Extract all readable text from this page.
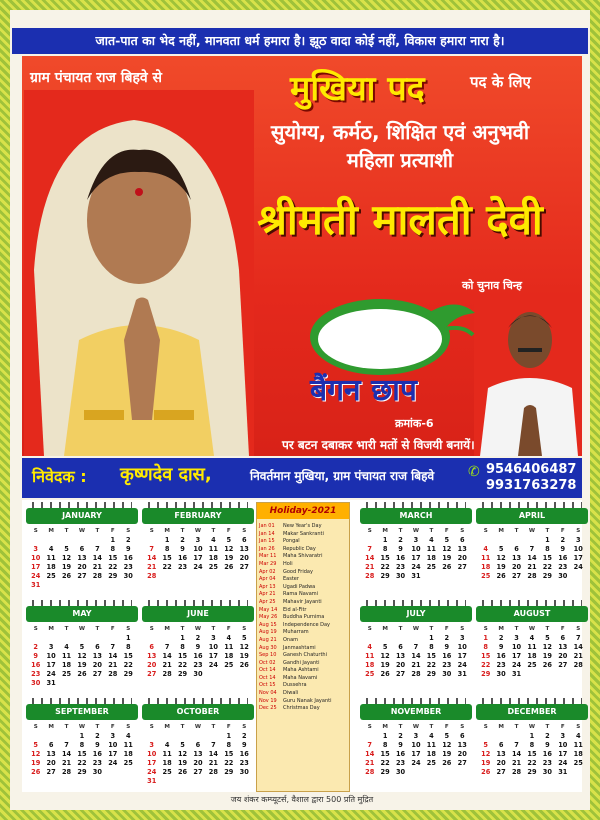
जात-पात का भेद नहीं, मानवता धर्म हमारा है। झूठ वादा कोई नहीं, विकास हमारा नारा है।
ग्राम पंचायत राज बिहवे से	मुखिया पद	पद के लिए
सुयोग्य, कर्मठ, शिक्षित एवं अनुभवी
महिला प्रत्याशी
श्रीमती मालती देवी
को चुनाव चिन्ह
बैंगन छाप
क्रमांक-6
पर बटन दबाकर भारी मतों से विजयी बनायें।
निवेदक : कृष्णदेव दास,	निवर्तमान मुखिया, ग्राम पंचायत राज बिहवे ✆ 9546406487
9931763278
JANUARY
S	M	T	W	T	F	S
					1	2
3	4	5	6	7	8	9
10	11	12	13	14	15	16
17	18	19	20	21	22	23
24	25	26	27	28	29	30
31						
FEBRUARY
S	M	T	W	T	F	S
	1	2	3	4	5	6
7	8	9	10	11	12	13
14	15	16	17	18	19	20
21	22	23	24	25	26	27
28						
MARCH
S	M	T	W	T	F	S
	1	2	3	4	5	6
7	8	9	10	11	12	13
14	15	16	17	18	19	20
21	22	23	24	25	26	27
28	29	30	31			
APRIL
S	M	T	W	T	F	S
				1	2	3
4	5	6	7	8	9	10
11	12	13	14	15	16	17
18	19	20	21	22	23	24
25	26	27	28	29	30	
MAY
S	M	T	W	T	F	S
						1
2	3	4	5	6	7	8
9	10	11	12	13	14	15
16	17	18	19	20	21	22
23	24	25	26	27	28	29
30	31					
JUNE
S	M	T	W	T	F	S
		1	2	3	4	5
6	7	8	9	10	11	12
13	14	15	16	17	18	19
20	21	22	23	24	25	26
27	28	29	30			
JULY
S	M	T	W	T	F	S
				1	2	3
4	5	6	7	8	9	10
11	12	13	14	15	16	17
18	19	20	21	22	23	24
25	26	27	28	29	30	31
AUGUST
S	M	T	W	T	F	S
1	2	3	4	5	6	7
8	9	10	11	12	13	14
15	16	17	18	19	20	21
22	23	24	25	26	27	28
29	30	31				
SEPTEMBER
S	M	T	W	T	F	S
			1	2	3	4
5	6	7	8	9	10	11
12	13	14	15	16	17	18
19	20	21	22	23	24	25
26	27	28	29	30		
OCTOBER
S	M	T	W	T	F	S
					1	2
3	4	5	6	7	8	9
10	11	12	13	14	15	16
17	18	19	20	21	22	23
24	25	26	27	28	29	30
31						
NOVEMBER
S	M	T	W	T	F	S
	1	2	3	4	5	6
7	8	9	10	11	12	13
14	15	16	17	18	19	20
21	22	23	24	25	26	27
28	29	30				
DECEMBER
S	M	T	W	T	F	S
			1	2	3	4
5	6	7	8	9	10	11
12	13	14	15	16	17	18
19	20	21	22	23	24	25
26	27	28	29	30	31	
Holiday-2021
Jan 01	New Year's Day
Jan 14	Makar Sankranti
Jan 15	Pongal
Jan 26	Republic Day
Mar 11	Maha Shivaratri
Mar 29	Holi
Apr 02	Good Friday
Apr 04	Easter
Apr 13	Ugadi Padwa
Apr 21	Rama Navami
Apr 25	Mahavir Jayanti
May 14	Eid al-Fitr
May 26	Buddha Purnima
Aug 15	Independence Day
Aug 19	Muharram
Aug 21	Onam
Aug 30	Janmashtami
Sep 10	Ganesh Chaturthi
Oct 02	Gandhi Jayanti
Oct 14	Maha Ashtami
Oct 14	Maha Navami
Oct 15	Dussehra
Nov 04	Diwali
Nov 19	Guru Nanak Jayanti
Dec 25	Christmas Day
जय शंकर कम्प्यूटर्स, वैशाल द्वारा 500 प्रति मुद्रित
